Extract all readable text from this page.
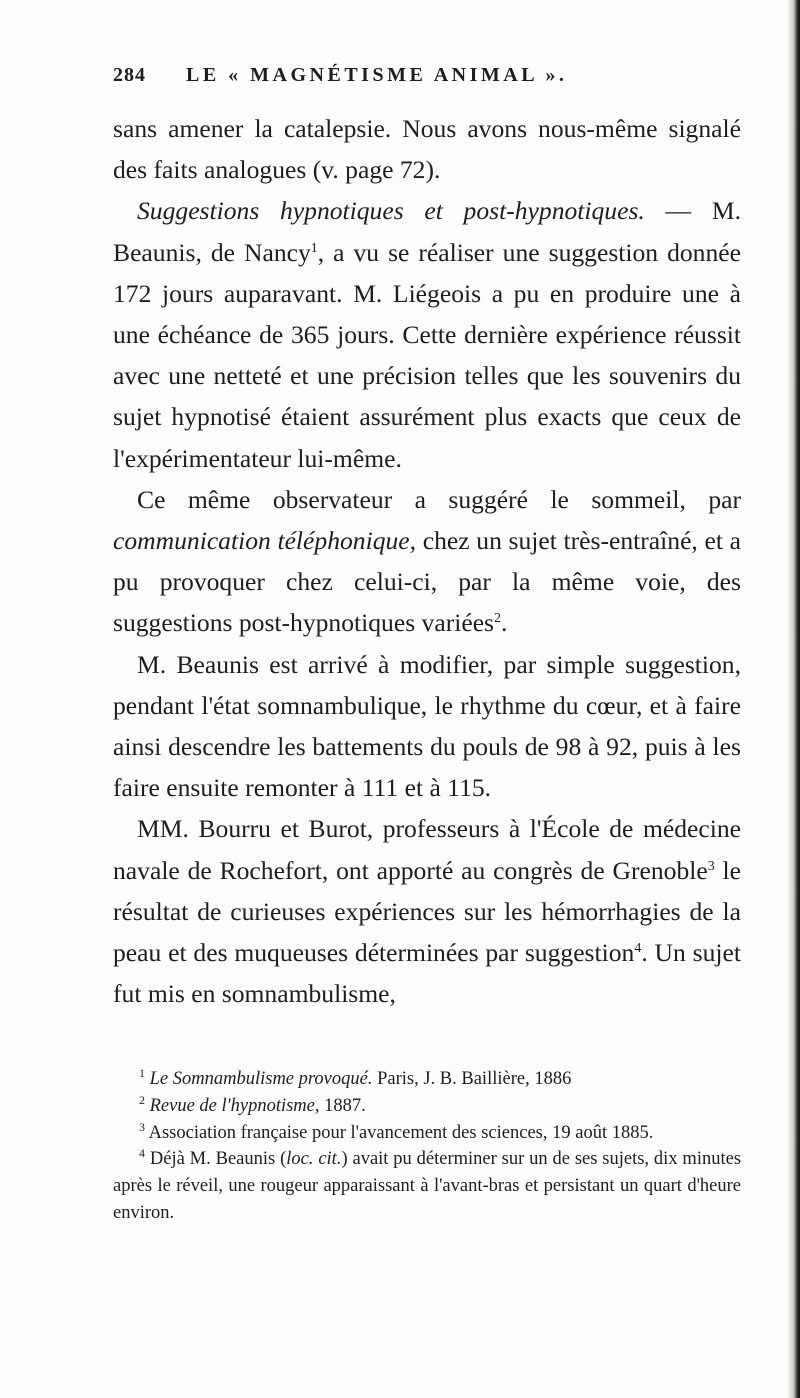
284 LE « MAGNÉTISME ANIMAL ».

sans amener la catalepsie. Nous avons nous-même signalé des faits analogues (v. page 72).

Suggestions hypnotiques et post-hypnotiques. — M. Beaunis, de Nancy$^1$, a vu se réaliser une suggestion donnée 172 jours auparavant. M. Liégeois a pu en produire une à une échéance de 365 jours. Cette dernière expérience réussit avec une netteté et une précision telles que les souvenirs du sujet hypnotisé étaient assurément plus exacts que ceux de l'expérimentateur lui-même.

Ce même observateur a suggéré le sommeil, par communication téléphonique, chez un sujet très-entraîné, et a pu provoquer chez celui-ci, par la même voie, des suggestions post-hypnotiques variées$^2$.

M. Beaunis est arrivé à modifier, par simple suggestion, pendant l'état somnambulique, le rhythme du cœur, et à faire ainsi descendre les battements du pouls de 98 à 92, puis à les faire ensuite remonter à 111 et à 115.

MM. Bourru et Burot, professeurs à l'École de médecine navale de Rochefort, ont apporté au congrès de Grenoble$^3$ le résultat de curieuses expériences sur les hémorrhagies de la peau et des muqueuses déterminées par suggestion$^4$. Un sujet fut mis en somnambulisme,

$^1$ Le Somnambulisme provoqué. Paris, J. B. Baillière, 1886

$^2$ Revue de l'hypnotisme, 1887.

$^3$ Association française pour l'avancement des sciences, 19 août 1885.

$^4$ Déjà M. Beaunis (loc. cit.) avait pu déterminer sur un de ses sujets, dix minutes après le réveil, une rougeur apparaissant à l'avant-bras et persistant un quart d'heure environ.
